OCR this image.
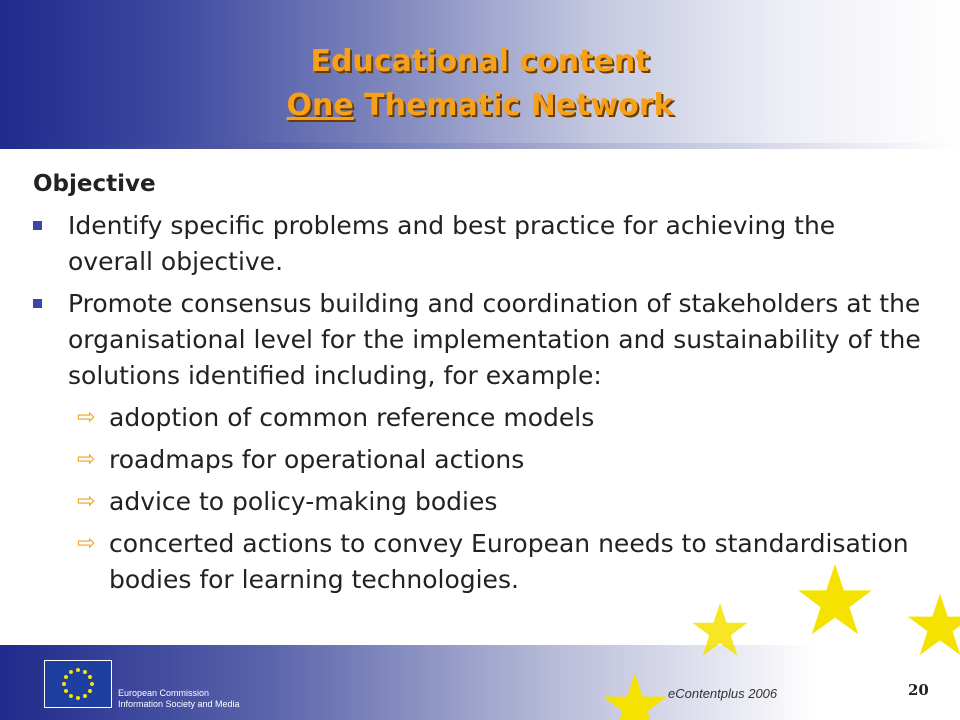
Educational content
One Thematic Network
Objective
Identify specific problems and best practice for achieving the overall objective.
Promote consensus building and coordination of stakeholders at the organisational level for the implementation and sustainability of the solutions identified including, for example:
⇨ adoption of common reference models
⇨ roadmaps for operational actions
⇨ advice to policy-making bodies
⇨ concerted actions to convey European needs to standardisation bodies for learning technologies.
European Commission
Information Society and Media
eContentplus 2006	20
